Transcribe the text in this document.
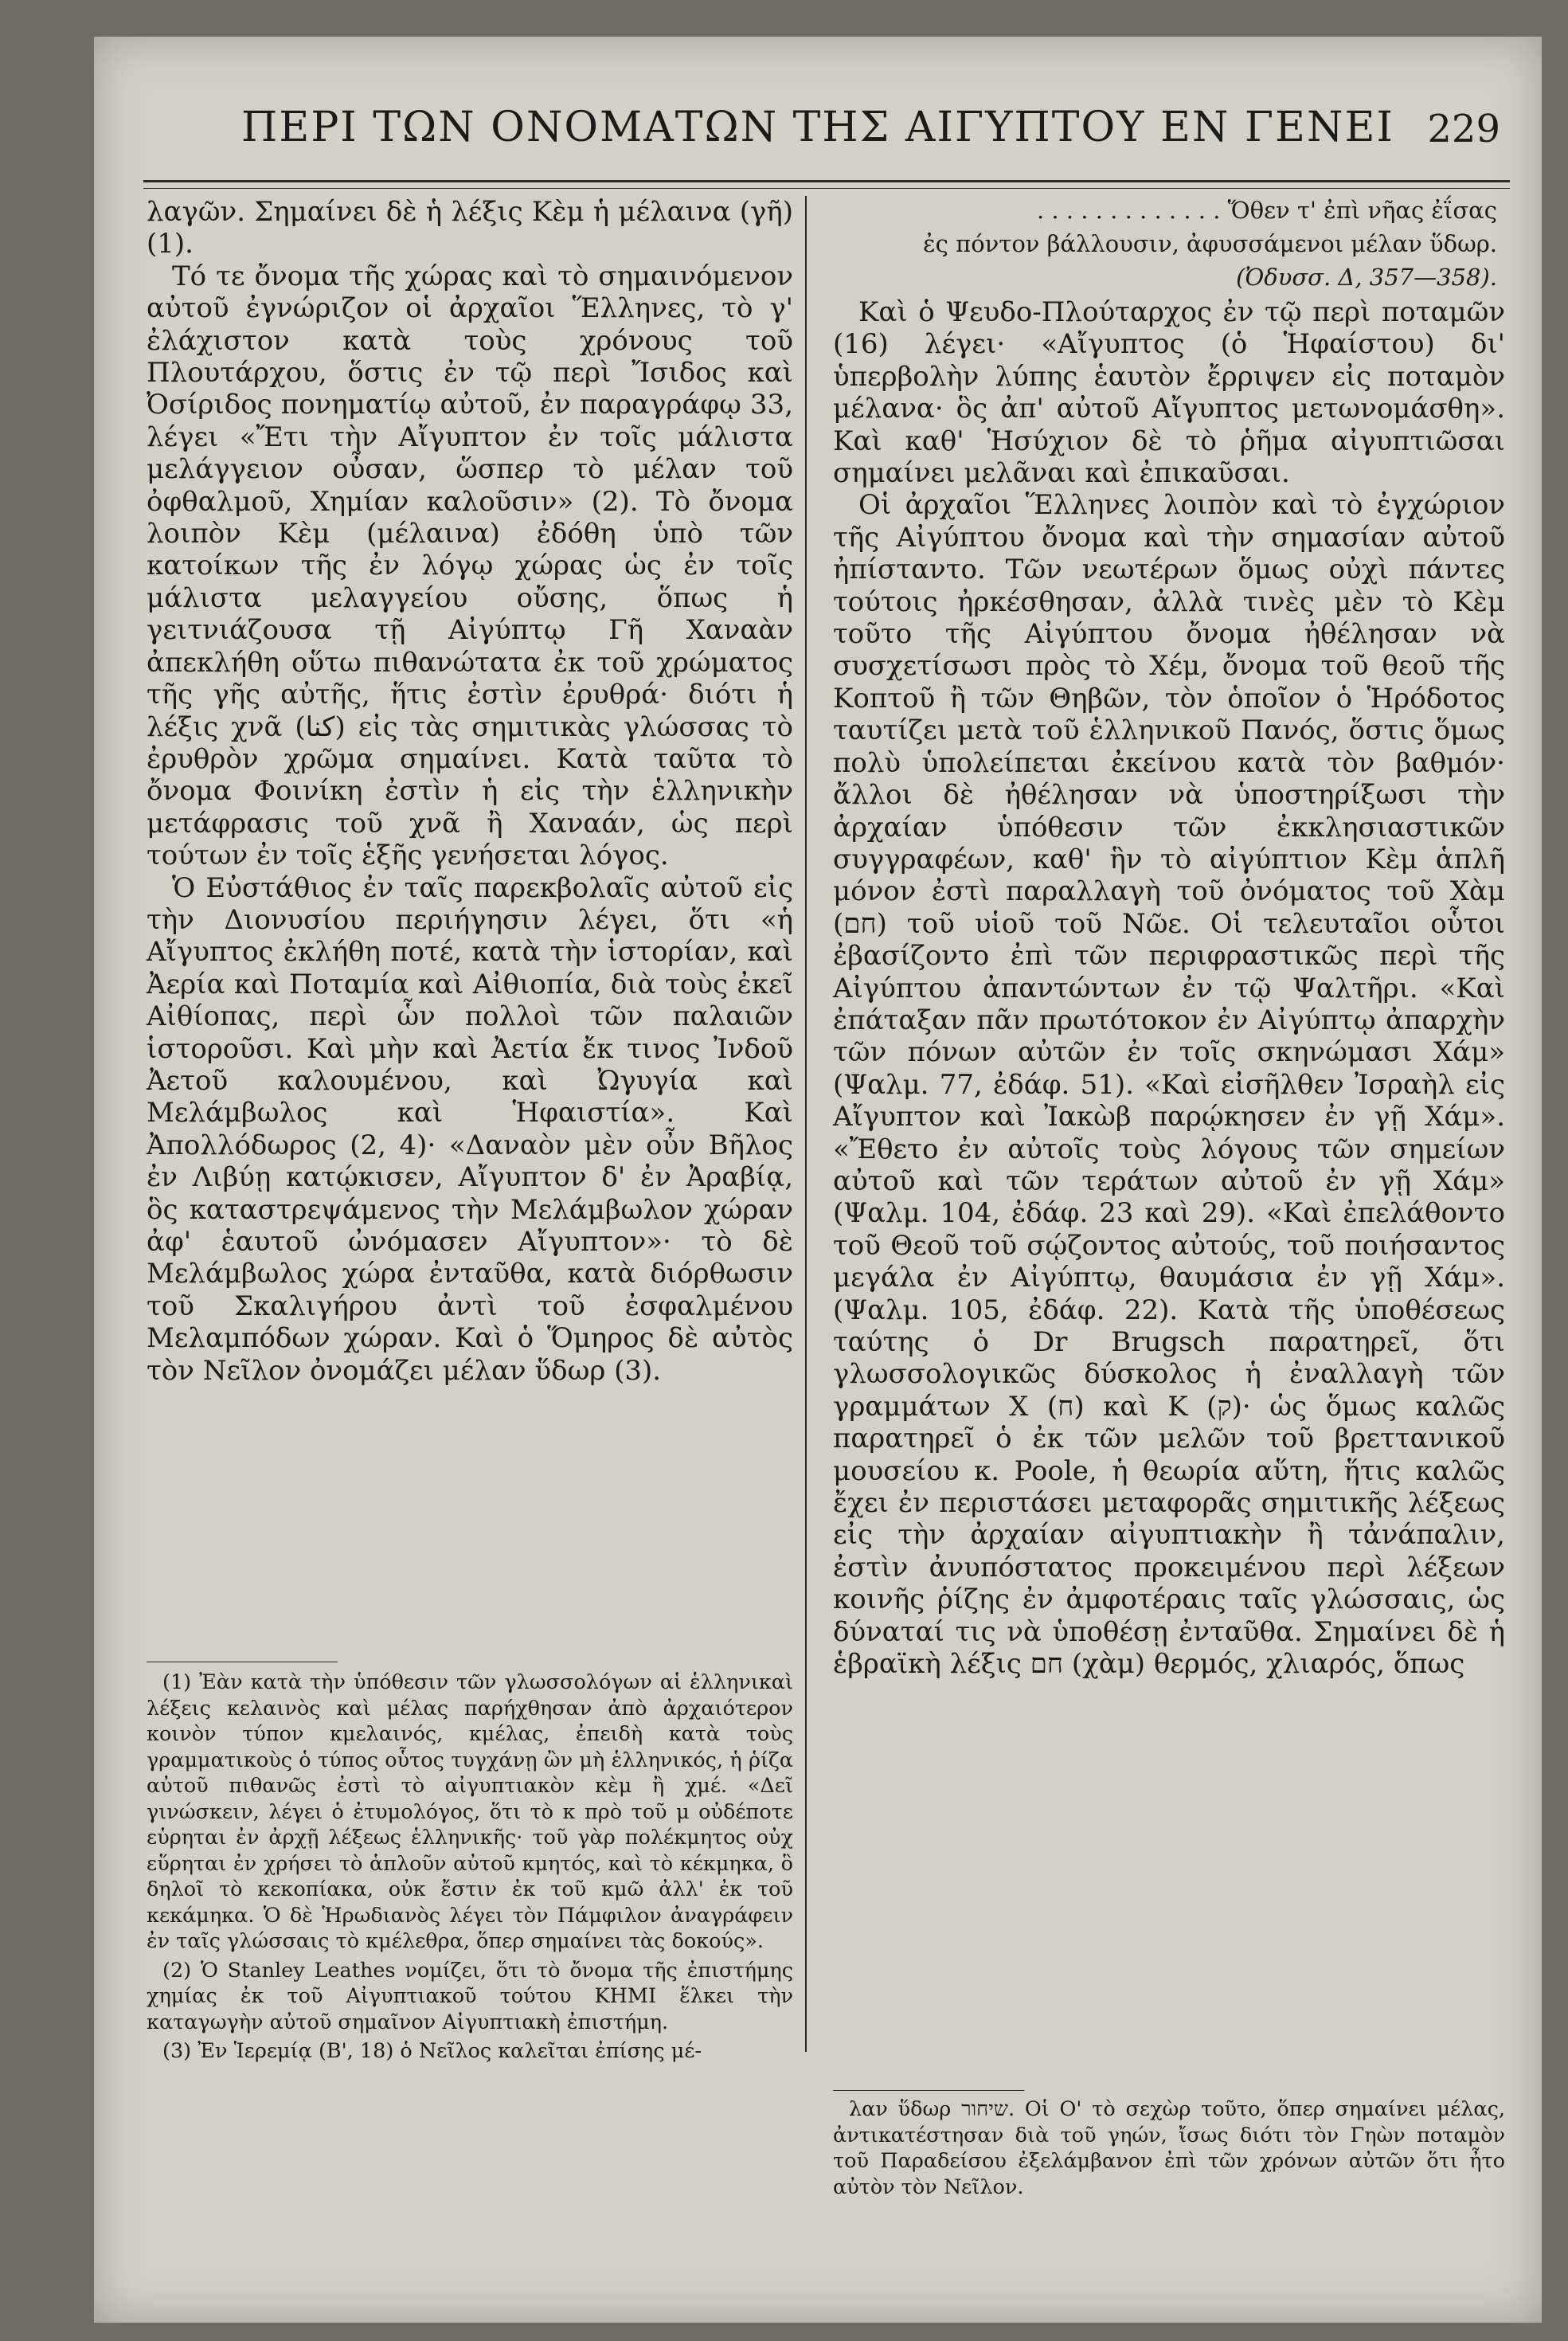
ΠΕΡΙ ΤΩΝ ΟΝΟΜΑΤΩΝ ΤΗΣ ΑΙΓΥΠΤΟΥ ΕΝ ΓΕΝΕΙ 229

λαγῶν. Σημαίνει δὲ ἡ λέξις Κὲμ ἡ μέλαινα (γῆ) (1).

Τό τε ὄνομα τῆς χώρας καὶ τὸ σημαινόμενον αὐτοῦ ἐγνώριζον οἱ ἀρχαῖοι Ἕλληνες, τὸ γ' ἐλάχιστον κατὰ τοὺς χρόνους τοῦ Πλουτάρχου, ὅστις ἐν τῷ περὶ Ἴσιδος καὶ Ὀσίριδος πονηματίῳ αὐτοῦ, ἐν παραγράφῳ 33, λέγει «Ἔτι τὴν Αἴγυπτον ἐν τοῖς μάλιστα μελάγγειον οὖσαν, ὥσπερ τὸ μέλαν τοῦ ὀφθαλμοῦ, Χημίαν καλοῦσιν» (2). Τὸ ὄνομα λοιπὸν Κὲμ (μέλαινα) ἐδόθη ὑπὸ τῶν κατοίκων τῆς ἐν λόγῳ χώρας ὡς ἐν τοῖς μάλιστα μελαγγείου οὔσης, ὅπως ἡ γειτνιάζουσα τῇ Αἰγύπτῳ Γῆ Χαναὰν ἀπεκλήθη οὕτω πιθανώτατα ἐκ τοῦ χρώματος τῆς γῆς αὐτῆς, ἥτις ἐστὶν ἐρυθρά· διότι ἡ λέξις χνᾶ (كنا) εἰς τὰς σημιτικὰς γλώσσας τὸ ἐρυθρὸν χρῶμα σημαίνει. Κατὰ ταῦτα τὸ ὄνομα Φοινίκη ἐστὶν ἡ εἰς τὴν ἑλληνικὴν μετάφρασις τοῦ χνᾶ ἢ Χαναάν, ὡς περὶ τούτων ἐν τοῖς ἑξῆς γενήσεται λόγος.

Ὁ Εὐστάθιος ἐν ταῖς παρεκβολαῖς αὐτοῦ εἰς τὴν Διονυσίου περιήγησιν λέγει, ὅτι «ἡ Αἴγυπτος ἐκλήθη ποτέ, κατὰ τὴν ἱστορίαν, καὶ Ἀερία καὶ Ποταμία καὶ Αἰθιοπία, διὰ τοὺς ἐκεῖ Αἰθίοπας, περὶ ὧν πολλοὶ τῶν παλαιῶν ἱστοροῦσι. Καὶ μὴν καὶ Ἀετία ἔκ τινος Ἰνδοῦ Ἀετοῦ καλουμένου, καὶ Ὠγυγία καὶ Μελάμβωλος καὶ Ἡφαιστία». Καὶ Ἀπολλόδωρος (2, 4)· «Δαναὸν μὲν οὖν Βῆλος ἐν Λιβύῃ κατῴκισεν, Αἴγυπτον δ' ἐν Ἀραβίᾳ, ὃς καταστρεψάμενος τὴν Μελάμβωλον χώραν ἀφ' ἑαυτοῦ ὠνόμασεν Αἴγυπτον»· τὸ δὲ Μελάμβωλος χώρα ἐνταῦθα, κατὰ διόρθωσιν τοῦ Σκαλιγήρου ἀντὶ τοῦ ἐσφαλμένου Μελαμπόδων χώραν. Καὶ ὁ Ὅμηρος δὲ αὐτὸς τὸν Νεῖλον ὀνομάζει μέλαν ὕδωρ (3).

(1) Ἐὰν κατὰ τὴν ὑπόθεσιν τῶν γλωσσολόγων αἱ ἑλληνικαὶ λέξεις κελαινὸς καὶ μέλας παρήχθησαν ἀπὸ ἀρχαιότερον κοινὸν τύπον κμελαινός, κμέλας, ἐπειδὴ κατὰ τοὺς γραμματικοὺς ὁ τύπος οὗτος τυγχάνῃ ὢν μὴ ἑλληνικός, ἡ ῥίζα αὐτοῦ πιθανῶς ἐστὶ τὸ αἰγυπτιακὸν κὲμ ἢ χμέ. «Δεῖ γινώσκειν, λέγει ὁ ἐτυμολόγος, ὅτι τὸ κ πρὸ τοῦ μ οὐδέποτε εὑρηται ἐν ἀρχῇ λέξεως ἑλληνικῆς· τοῦ γὰρ πολέκμητος οὐχ εὕρηται ἐν χρήσει τὸ ἁπλοῦν αὐτοῦ κμητός, καὶ τὸ κέκμηκα, ὃ δηλοῖ τὸ κεκοπίακα, οὐκ ἔστιν ἐκ τοῦ κμῶ ἀλλ' ἐκ τοῦ κεκάμηκα. Ὁ δὲ Ἡρωδιανὸς λέγει τὸν Πάμφιλον ἀναγράφειν ἐν ταῖς γλώσσαις τὸ κμέλεθρα, ὅπερ σημαίνει τὰς δοκούς».

(2) Ὁ Stanley Leathes νομίζει, ὅτι τὸ ὄνομα τῆς ἐπιστήμης χημίας ἐκ τοῦ Αἰγυπτιακοῦ τούτου ΚΗΜΙ ἕλκει τὴν καταγωγὴν αὐτοῦ σημαῖνον Αἰγυπτιακὴ ἐπιστήμη.

(3) Ἐν Ἱερεμίᾳ (Β', 18) ὁ Νεῖλος καλεῖται ἐπίσης μέ-

. . . . . . . . . . . . . Ὅθεν τ' ἐπὶ νῆας ἐΐσας
ἐς πόντον βάλλουσιν, ἀφυσσάμενοι μέλαν ὕδωρ.
(Ὀδυσσ. Δ, 357—358).

Καὶ ὁ Ψευδο-Πλούταρχος ἐν τῷ περὶ ποταμῶν (16) λέγει· «Αἴγυπτος (ὁ Ἡφαίστου) δι' ὑπερβολὴν λύπης ἑαυτὸν ἔρριψεν εἰς ποταμὸν μέλανα· ὃς ἀπ' αὐτοῦ Αἴγυπτος μετωνομάσθη». Καὶ καθ' Ἡσύχιον δὲ τὸ ῥῆμα αἰγυπτιῶσαι σημαίνει μελᾶναι καὶ ἐπικαῦσαι.

Οἱ ἀρχαῖοι Ἕλληνες λοιπὸν καὶ τὸ ἐγχώριον τῆς Αἰγύπτου ὄνομα καὶ τὴν σημασίαν αὐτοῦ ἠπίσταντο. Τῶν νεωτέρων ὅμως οὐχὶ πάντες τούτοις ἠρκέσθησαν, ἀλλὰ τινὲς μὲν τὸ Κὲμ τοῦτο τῆς Αἰγύπτου ὄνομα ἠθέλησαν νὰ συσχετίσωσι πρὸς τὸ Χέμ, ὄνομα τοῦ θεοῦ τῆς Κοπτοῦ ἢ τῶν Θηβῶν, τὸν ὁποῖον ὁ Ἡρόδοτος ταυτίζει μετὰ τοῦ ἑλληνικοῦ Πανός, ὅστις ὅμως πολὺ ὑπολείπεται ἐκείνου κατὰ τὸν βαθμόν· ἄλλοι δὲ ἠθέλησαν νὰ ὑποστηρίξωσι τὴν ἀρχαίαν ὑπόθεσιν τῶν ἐκκλησιαστικῶν συγγραφέων, καθ' ἣν τὸ αἰγύπτιον Κὲμ ἁπλῆ μόνον ἐστὶ παραλλαγὴ τοῦ ὀνόματος τοῦ Χὰμ (חם) τοῦ υἱοῦ τοῦ Νῶε. Οἱ τελευταῖοι οὗτοι ἐβασίζοντο ἐπὶ τῶν περιφραστικῶς περὶ τῆς Αἰγύπτου ἀπαντώντων ἐν τῷ Ψαλτῆρι. «Καὶ ἐπάταξαν πᾶν πρωτότοκον ἐν Αἰγύπτῳ ἀπαρχὴν τῶν πόνων αὐτῶν ἐν τοῖς σκηνώμασι Χάμ» (Ψαλμ. 77, ἐδάφ. 51). «Καὶ εἰσῆλθεν Ἰσραὴλ εἰς Αἴγυπτον καὶ Ἰακὼβ παρῴκησεν ἐν γῇ Χάμ». «Ἔθετο ἐν αὐτοῖς τοὺς λόγους τῶν σημείων αὐτοῦ καὶ τῶν τεράτων αὐτοῦ ἐν γῇ Χάμ» (Ψαλμ. 104, ἐδάφ. 23 καὶ 29). «Καὶ ἐπελάθοντο τοῦ Θεοῦ τοῦ σῴζοντος αὐτούς, τοῦ ποιήσαντος μεγάλα ἐν Αἰγύπτῳ, θαυμάσια ἐν γῇ Χάμ». (Ψαλμ. 105, ἐδάφ. 22). Κατὰ τῆς ὑποθέσεως ταύτης ὁ Dr Brugsch παρατηρεῖ, ὅτι γλωσσολογικῶς δύσκολος ἡ ἐναλλαγὴ τῶν γραμμάτων Χ (ח) καὶ Κ (ק)· ὡς ὅμως καλῶς παρατηρεῖ ὁ ἐκ τῶν μελῶν τοῦ βρεττανικοῦ μουσείου κ. Poole, ἡ θεωρία αὕτη, ἥτις καλῶς ἔχει ἐν περιστάσει μεταφορᾶς σημιτικῆς λέξεως εἰς τὴν ἀρχαίαν αἰγυπτιακὴν ἢ τἀνάπαλιν, ἐστὶν ἀνυπόστατος προκειμένου περὶ λέξεων κοινῆς ῥίζης ἐν ἀμφοτέραις ταῖς γλώσσαις, ὡς δύναταί τις νὰ ὑποθέσῃ ἐνταῦθα. Σημαίνει δὲ ἡ ἑβραϊκὴ λέξις חם (χὰμ) θερμός, χλιαρός, ὅπως

λαν ὕδωρ שיחור. Οἱ Ο' τὸ σεχὼρ τοῦτο, ὅπερ σημαίνει μέλας, ἀντικατέστησαν διὰ τοῦ γηών, ἴσως διότι τὸν Γηὼν ποταμὸν τοῦ Παραδείσου ἐξελάμβανον ἐπὶ τῶν χρόνων αὐτῶν ὅτι ἦτο αὐτὸν τὸν Νεῖλον.
